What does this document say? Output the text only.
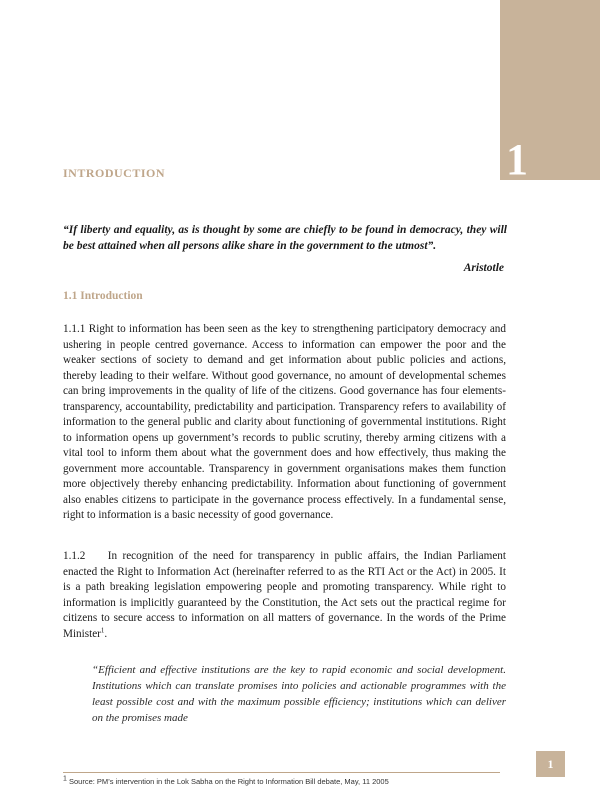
1
INTRODUCTION
“If liberty and equality, as is thought by some are chiefly to be found in democracy, they will be best attained when all persons alike share in the government to the utmost”.
Aristotle
1.1 Introduction
1.1.1 Right to information has been seen as the key to strengthening participatory democracy and ushering in people centred governance. Access to information can empower the poor and the weaker sections of society to demand and get information about public policies and actions, thereby leading to their welfare. Without good governance, no amount of developmental schemes can bring improvements in the quality of life of the citizens. Good governance has four elements- transparency, accountability, predictability and participation. Transparency refers to availability of information to the general public and clarity about functioning of governmental institutions. Right to information opens up government’s records to public scrutiny, thereby arming citizens with a vital tool to inform them about what the government does and how effectively, thus making the government more accountable. Transparency in government organisations makes them function more objectively thereby enhancing predictability. Information about functioning of government also enables citizens to participate in the governance process effectively. In a fundamental sense, right to information is a basic necessity of good governance.
1.1.2  In recognition of the need for transparency in public affairs, the Indian Parliament enacted the Right to Information Act (hereinafter referred to as the RTI Act or the Act) in 2005. It is a path breaking legislation empowering people and promoting transparency. While right to information is implicitly guaranteed by the Constitution, the Act sets out the practical regime for citizens to secure access to information on all matters of governance. In the words of the Prime Minister$^1$.
“Efficient and effective institutions are the key to rapid economic and social development. Institutions which can translate promises into policies and actionable programmes with the least possible cost and with the maximum possible efficiency; institutions which can deliver on the promises made
1
$^1$ Source: PM’s intervention in the Lok Sabha on the Right to Information Bill debate, May, 11 2005
